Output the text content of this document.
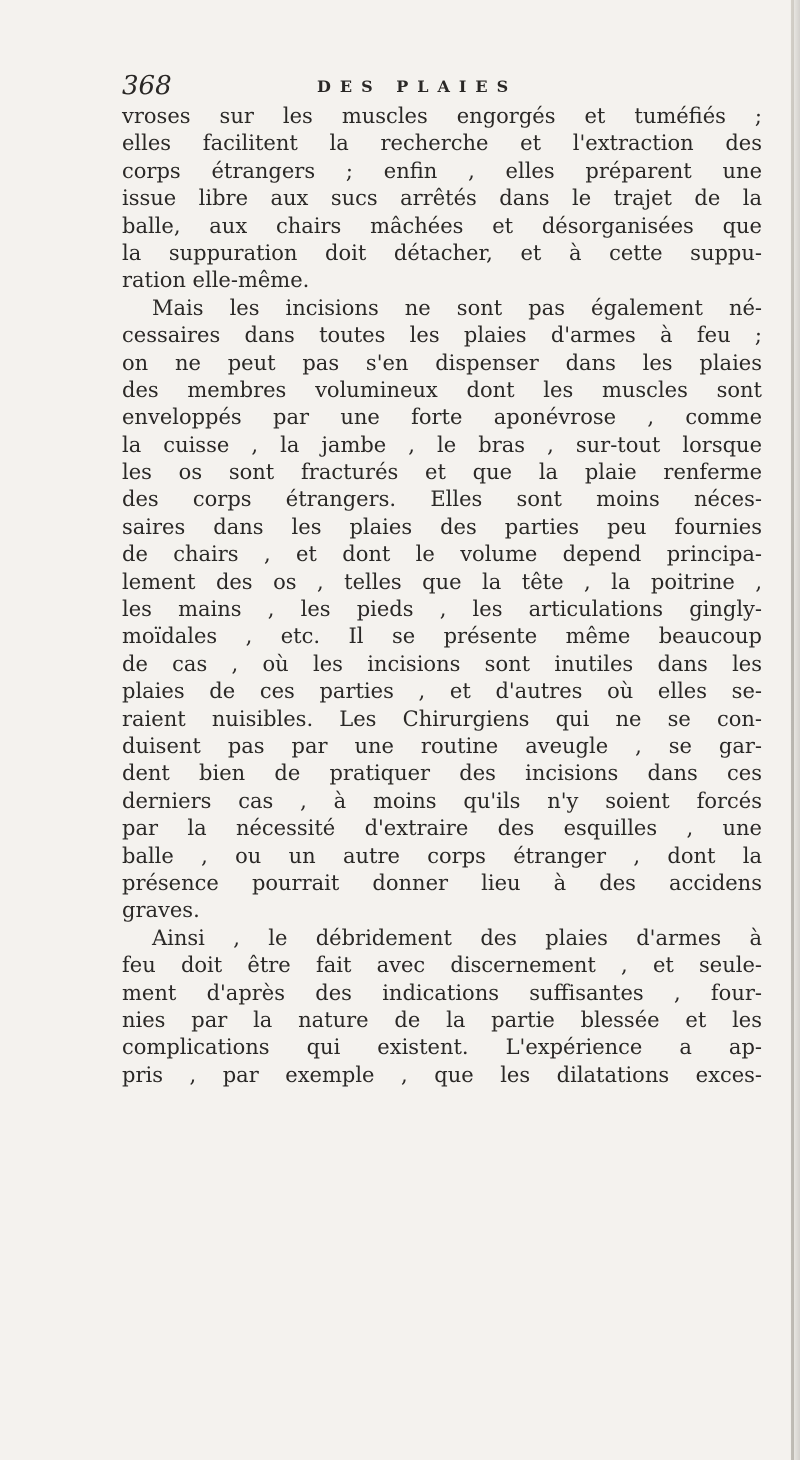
368	DES PLAIES
vroses sur les muscles engorgés et tuméfiés ;
elles facilitent la recherche et l'extraction des
corps étrangers ; enfin , elles préparent une
issue libre aux sucs arrêtés dans le trajet de la
balle, aux chairs mâchées et désorganisées que
la suppuration doit détacher, et à cette suppu-
ration elle-même.
Mais les incisions ne sont pas également né-
cessaires dans toutes les plaies d'armes à feu ;
on ne peut pas s'en dispenser dans les plaies
des membres volumineux dont les muscles sont
enveloppés par une forte aponévrose , comme
la cuisse , la jambe , le bras , sur-tout lorsque
les os sont fracturés et que la plaie renferme
des corps étrangers. Elles sont moins néces-
saires dans les plaies des parties peu fournies
de chairs , et dont le volume depend principa-
lement des os , telles que la tête , la poitrine ,
les mains , les pieds , les articulations gingly-
moïdales , etc. Il se présente même beaucoup
de cas , où les incisions sont inutiles dans les
plaies de ces parties , et d'autres où elles se-
raient nuisibles. Les Chirurgiens qui ne se con-
duisent pas par une routine aveugle , se gar-
dent bien de pratiquer des incisions dans ces
derniers cas , à moins qu'ils n'y soient forcés
par la nécessité d'extraire des esquilles , une
balle , ou un autre corps étranger , dont la
présence pourrait donner lieu à des accidens
graves.
Ainsi , le débridement des plaies d'armes à
feu doit être fait avec discernement , et seule-
ment d'après des indications suffisantes , four-
nies par la nature de la partie blessée et les
complications qui existent. L'expérience a ap-
pris , par exemple , que les dilatations exces-
